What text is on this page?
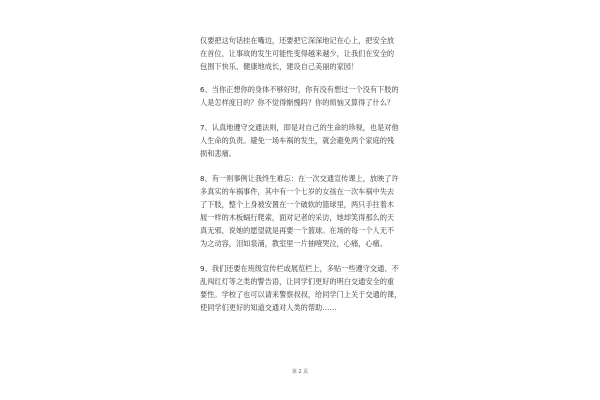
仅要把这句话挂在嘴边，还要把它深深地记在心上，把安全放
在首位，让事故的发生可能性变得越来越少，让我们在安全的
包围下快乐、健康地成长，建设自己美丽的家园！
6、当你正想你的身体不够好时，你有没有想过一个没有下肢的
人是怎样度日的？你不觉得惭愧吗？你的烦恼又算得了什么？
7、认真地遵守交通法则，即是对自己的生命的珍视，也是对他
人生命的负责。避免一场车祸的发生，就会避免两个家庭的残
损和悲痛。
8、有一则事例让我终生难忘：在一次交通宣传课上，放映了许
多真实的车祸事件，其中有一个七岁的女孩在一次车祸中失去
了下肢，整个上身被安置在一个破软的篮球里，两只手拄着木
屐一样的木板蜗行爬索，面对记者的采访，她却笑得那么的天
真无邪，说她的愿望就是再要一个篮球。在场的每一个人无不
为之动容，泪如泉涌，教室里一片抽噎哭泣，心痛，心痛。
9、我们还要在班级宣传栏或展览栏上，多贴一些遵守交通、不
乱闯红灯等之类的警告语，让同学们更好的明白交通安全的重
要性。学校了也可以请来警察叔叔，给同学门上关于交通的课，
使同学们更好的知道交通对人类的帮助……
第 2 页
